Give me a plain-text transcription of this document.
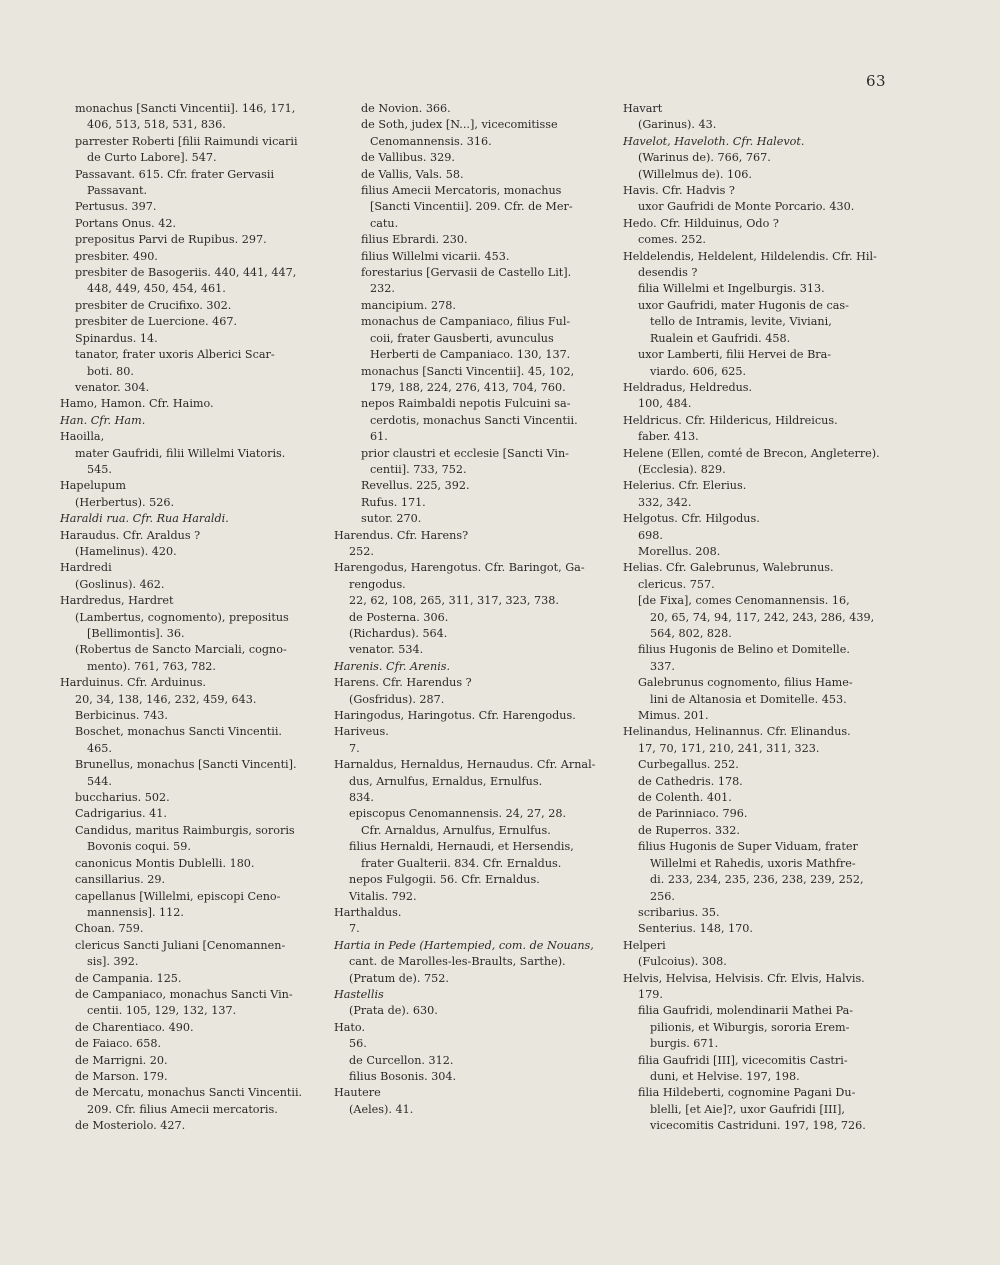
63
monachus [Sancti Vincentii]. 146, 171,
406, 513, 518, 531, 836.
parrester Roberti [filii Raimundi vicarii
de Curto Labore]. 547.
Passavant. 615. Cfr. frater Gervasii
Passavant.
Pertusus. 397.
Portans Onus. 42.
prepositus Parvi de Rupibus. 297.
presbiter. 490.
presbiter de Basogeriis. 440, 441, 447,
448, 449, 450, 454, 461.
presbiter de Crucifixo. 302.
presbiter de Luercione. 467.
Spinardus. 14.
tanator, frater uxoris Alberici Scar-
boti. 80.
venator. 304.
Hamo, Hamon. Cfr. Haimo.
Han. Cfr. Ham.
Haoilla,
mater Gaufridi, filii Willelmi Viatoris.
545.
Hapelupum
(Herbertus). 526.
Haraldi rua. Cfr. Rua Haraldi.
Haraudus. Cfr. Araldus ?
(Hamelinus). 420.
Hardredi
(Goslinus). 462.
Hardredus, Hardret
(Lambertus, cognomento), prepositus
[Bellimontis]. 36.
(Robertus de Sancto Marciali, cogno-
mento). 761, 763, 782.
Harduinus. Cfr. Arduinus.
20, 34, 138, 146, 232, 459, 643.
Berbicinus. 743.
Boschet, monachus Sancti Vincentii.
465.
Brunellus, monachus [Sancti Vincenti].
544.
buccharius. 502.
Cadrigarius. 41.
Candidus, maritus Raimburgis, sororis
Bovonis coqui. 59.
canonicus Montis Dublelli. 180.
cansillarius. 29.
capellanus [Willelmi, episcopi Ceno-
mannensis]. 112.
Choan. 759.
clericus Sancti Juliani [Cenomannen-
sis]. 392.
de Campania. 125.
de Campaniaco, monachus Sancti Vin-
centii. 105, 129, 132, 137.
de Charentiaco. 490.
de Faiaco. 658.
de Marrigni. 20.
de Marson. 179.
de Mercatu, monachus Sancti Vincentii.
209. Cfr. filius Amecii mercatoris.
de Mosteriolo. 427.
de Novion. 366.
de Soth, judex [N...], vicecomitisse
Cenomannensis. 316.
de Vallibus. 329.
de Vallis, Vals. 58.
filius Amecii Mercatoris, monachus
[Sancti Vincentii]. 209. Cfr. de Mer-
catu.
filius Ebrardi. 230.
filius Willelmi vicarii. 453.
forestarius [Gervasii de Castello Lit].
232.
mancipium. 278.
monachus de Campaniaco, filius Ful-
coii, frater Gausberti, avunculus
Herberti de Campaniaco. 130, 137.
monachus [Sancti Vincentii]. 45, 102,
179, 188, 224, 276, 413, 704, 760.
nepos Raimbaldi nepotis Fulcuini sa-
cerdotis, monachus Sancti Vincentii.
61.
prior claustri et ecclesie [Sancti Vin-
centii]. 733, 752.
Revellus. 225, 392.
Rufus. 171.
sutor. 270.
Harendus. Cfr. Harens?
252.
Harengodus, Harengotus. Cfr. Baringot, Ga-
rengodus.
22, 62, 108, 265, 311, 317, 323, 738.
de Posterna. 306.
(Richardus). 564.
venator. 534.
Harenis. Cfr. Arenis.
Harens. Cfr. Harendus ?
(Gosfridus). 287.
Haringodus, Haringotus. Cfr. Harengodus.
Hariveus.
7.
Harnaldus, Hernaldus, Hernaudus. Cfr. Arnal-
dus, Arnulfus, Ernaldus, Ernulfus.
834.
episcopus Cenomannensis. 24, 27, 28.
Cfr. Arnaldus, Arnulfus, Ernulfus.
filius Hernaldi, Hernaudi, et Hersendis,
frater Gualterii. 834. Cfr. Ernaldus.
nepos Fulgogii. 56. Cfr. Ernaldus.
Vitalis. 792.
Harthaldus.
7.
Hartia in Pede (Hartempied, com. de Nouans,
cant. de Marolles-les-Braults, Sarthe).
(Pratum de). 752.
Hastellis
(Prata de). 630.
Hato.
56.
de Curcellon. 312.
filius Bosonis. 304.
Hautere
(Aeles). 41.
Havart
(Garinus). 43.
Havelot, Haveloth. Cfr. Halevot.
(Warinus de). 766, 767.
(Willelmus de). 106.
Havis. Cfr. Hadvis ?
uxor Gaufridi de Monte Porcario. 430.
Hedo. Cfr. Hilduinus, Odo ?
comes. 252.
Heldelendis, Heldelent, Hildelendis. Cfr. Hil-
desendis ?
filia Willelmi et Ingelburgis. 313.
uxor Gaufridi, mater Hugonis de cas-
tello de Intramis, levite, Viviani,
Rualein et Gaufridi. 458.
uxor Lamberti, filii Hervei de Bra-
viardo. 606, 625.
Heldradus, Heldredus.
100, 484.
Heldricus. Cfr. Hildericus, Hildreicus.
faber. 413.
Helene (Ellen, comté de Brecon, Angleterre).
(Ecclesia). 829.
Helerius. Cfr. Elerius.
332, 342.
Helgotus. Cfr. Hilgodus.
698.
Morellus. 208.
Helias. Cfr. Galebrunus, Walebrunus.
clericus. 757.
[de Fixa], comes Cenomannensis. 16,
20, 65, 74, 94, 117, 242, 243, 286, 439,
564, 802, 828.
filius Hugonis de Belino et Domitelle.
337.
Galebrunus cognomento, filius Hame-
lini de Altanosia et Domitelle. 453.
Mimus. 201.
Helinandus, Helinannus. Cfr. Elinandus.
17, 70, 171, 210, 241, 311, 323.
Curbegallus. 252.
de Cathedris. 178.
de Colenth. 401.
de Parinniaco. 796.
de Ruperros. 332.
filius Hugonis de Super Viduam, frater
Willelmi et Rahedis, uxoris Mathfre-
di. 233, 234, 235, 236, 238, 239, 252,
256.
scribarius. 35.
Senterius. 148, 170.
Helperi
(Fulcoius). 308.
Helvis, Helvisa, Helvisis. Cfr. Elvis, Halvis.
179.
filia Gaufridi, molendinarii Mathei Pa-
pilionis, et Wiburgis, sororia Erem-
burgis. 671.
filia Gaufridi [III], vicecomitis Castri-
duni, et Helvise. 197, 198.
filia Hildeberti, cognomine Pagani Du-
blelli, [et Aie]?, uxor Gaufridi [III],
vicecomitis Castriduni. 197, 198, 726.
